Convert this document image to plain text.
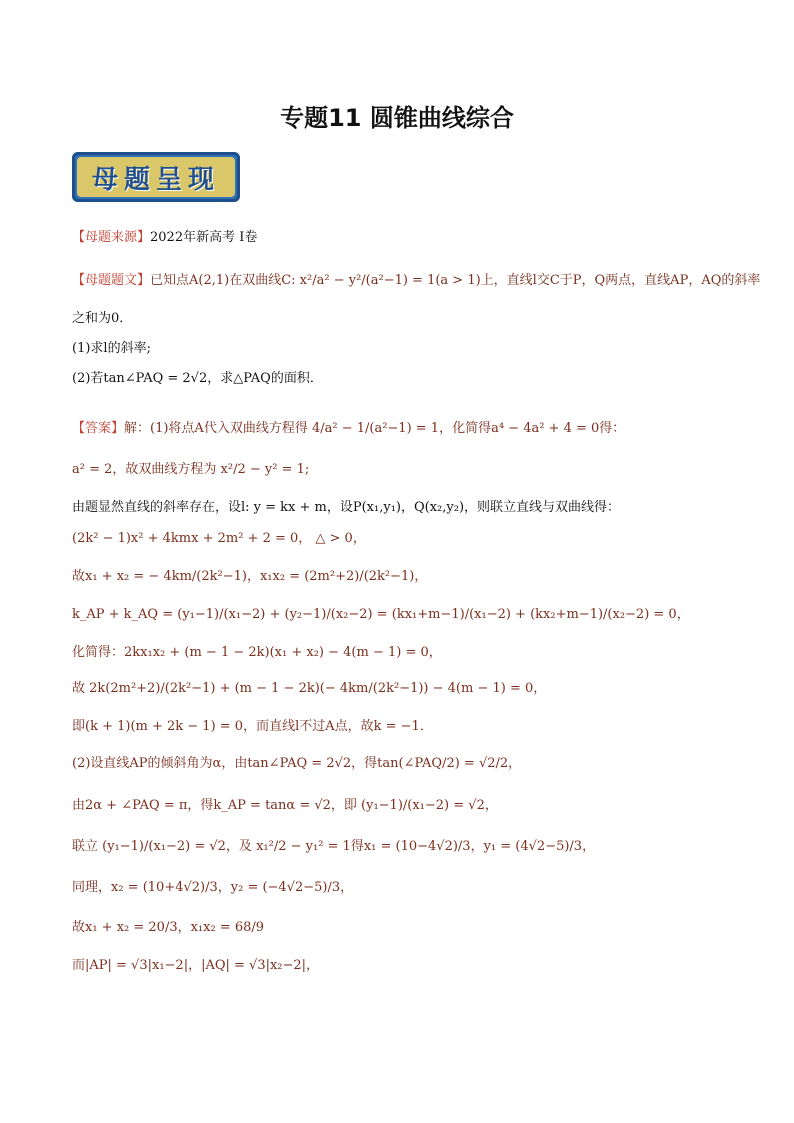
专题11 圆锥曲线综合
母题呈现
【母题来源】2022年新高考 I卷
【母题题文】已知点A(2,1)在双曲线C: x²/a² − y²/(a²−1) = 1(a > 1)上，直线l交C于P，Q两点，直线AP，AQ的斜率
之和为0．
(1)求l的斜率;
(2)若tan∠PAQ = 2√2，求△PAQ的面积．
【答案】解：(1)将点A代入双曲线方程得 4/a² − 1/(a²−1) = 1，化简得a⁴ − 4a² + 4 = 0得：
a² = 2，故双曲线方程为 x²/2 − y² = 1;
由题显然直线的斜率存在，设l: y = kx + m，设P(x₁,y₁)，Q(x₂,y₂)，则联立直线与双曲线得：
(2k² − 1)x² + 4kmx + 2m² + 2 = 0， △ > 0，
故x₁ + x₂ = − 4km/(2k²−1)，x₁x₂ = (2m²+2)/(2k²−1)，
k_AP + k_AQ = (y₁−1)/(x₁−2) + (y₂−1)/(x₂−2) = (kx₁+m−1)/(x₁−2) + (kx₂+m−1)/(x₂−2) = 0，
化简得：2kx₁x₂ + (m − 1 − 2k)(x₁ + x₂) − 4(m − 1) = 0，
故 2k(2m²+2)/(2k²−1) + (m − 1 − 2k)(− 4km/(2k²−1)) − 4(m − 1) = 0，
即(k + 1)(m + 2k − 1) = 0，而直线l不过A点，故k = −1．
(2)设直线AP的倾斜角为α，由tan∠PAQ = 2√2，得tan(∠PAQ/2) = √2/2，
由2α + ∠PAQ = π，得k_AP = tanα = √2，即 (y₁−1)/(x₁−2) = √2，
联立 (y₁−1)/(x₁−2) = √2，及 x₁²/2 − y₁² = 1得x₁ = (10−4√2)/3，y₁ = (4√2−5)/3，
同理，x₂ = (10+4√2)/3，y₂ = (−4√2−5)/3，
故x₁ + x₂ = 20/3，x₁x₂ = 68/9
而|AP| = √3|x₁−2|，|AQ| = √3|x₂−2|，
